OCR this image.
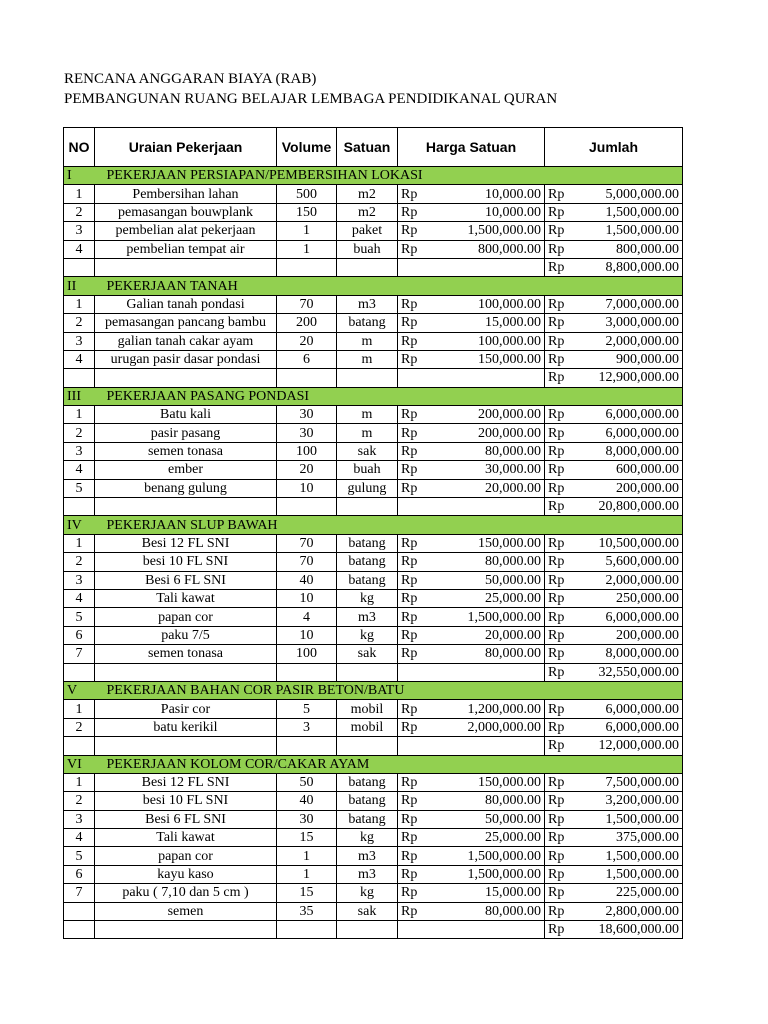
RENCANA ANGGARAN BIAYA (RAB)
PEMBANGUNAN RUANG BELAJAR LEMBAGA PENDIDIKANAL QURAN
NO	Uraian Pekerjaan	Volume	Satuan	Harga Satuan		Jumlah	
I	PEKERJAAN PERSIAPAN/PEMBERSIHAN LOKASI						
1	Pembersihan lahan	500	m2	Rp	10,000.00	Rp	5,000,000.00
2	pemasangan bouwplank	150	m2	Rp	10,000.00	Rp	1,500,000.00
3	pembelian alat pekerjaan	1	paket	Rp	1,500,000.00	Rp	1,500,000.00
4	pembelian tempat air	1	buah	Rp	800,000.00	Rp	800,000.00
						Rp	8,800,000.00
II	PEKERJAAN TANAH						
1	Galian tanah pondasi	70	m3	Rp	100,000.00	Rp	7,000,000.00
2	pemasangan pancang bambu	200	batang	Rp	15,000.00	Rp	3,000,000.00
3	galian tanah cakar ayam	20	m	Rp	100,000.00	Rp	2,000,000.00
4	urugan pasir dasar pondasi	6	m	Rp	150,000.00	Rp	900,000.00
						Rp	12,900,000.00
III	PEKERJAAN PASANG PONDASI						
1	Batu kali	30	m	Rp	200,000.00	Rp	6,000,000.00
2	pasir pasang	30	m	Rp	200,000.00	Rp	6,000,000.00
3	semen tonasa	100	sak	Rp	80,000.00	Rp	8,000,000.00
4	ember	20	buah	Rp	30,000.00	Rp	600,000.00
5	benang gulung	10	gulung	Rp	20,000.00	Rp	200,000.00
						Rp	20,800,000.00
IV	PEKERJAAN SLUP BAWAH						
1	Besi 12 FL SNI	70	batang	Rp	150,000.00	Rp	10,500,000.00
2	besi 10 FL SNI	70	batang	Rp	80,000.00	Rp	5,600,000.00
3	Besi 6 FL SNI	40	batang	Rp	50,000.00	Rp	2,000,000.00
4	Tali kawat	10	kg	Rp	25,000.00	Rp	250,000.00
5	papan cor	4	m3	Rp	1,500,000.00	Rp	6,000,000.00
6	paku 7/5	10	kg	Rp	20,000.00	Rp	200,000.00
7	semen tonasa	100	sak	Rp	80,000.00	Rp	8,000,000.00
						Rp	32,550,000.00
V	PEKERJAAN BAHAN COR PASIR BETON/BATU						
1	Pasir cor	5	mobil	Rp	1,200,000.00	Rp	6,000,000.00
2	batu kerikil	3	mobil	Rp	2,000,000.00	Rp	6,000,000.00
						Rp	12,000,000.00
VI	PEKERJAAN KOLOM COR/CAKAR AYAM						
1	Besi 12 FL SNI	50	batang	Rp	150,000.00	Rp	7,500,000.00
2	besi 10 FL SNI	40	batang	Rp	80,000.00	Rp	3,200,000.00
3	Besi 6 FL SNI	30	batang	Rp	50,000.00	Rp	1,500,000.00
4	Tali kawat	15	kg	Rp	25,000.00	Rp	375,000.00
5	papan cor	1	m3	Rp	1,500,000.00	Rp	1,500,000.00
6	kayu kaso	1	m3	Rp	1,500,000.00	Rp	1,500,000.00
7	paku ( 7,10 dan 5 cm )	15	kg	Rp	15,000.00	Rp	225,000.00
	semen	35	sak	Rp	80,000.00	Rp	2,800,000.00
						Rp	18,600,000.00
